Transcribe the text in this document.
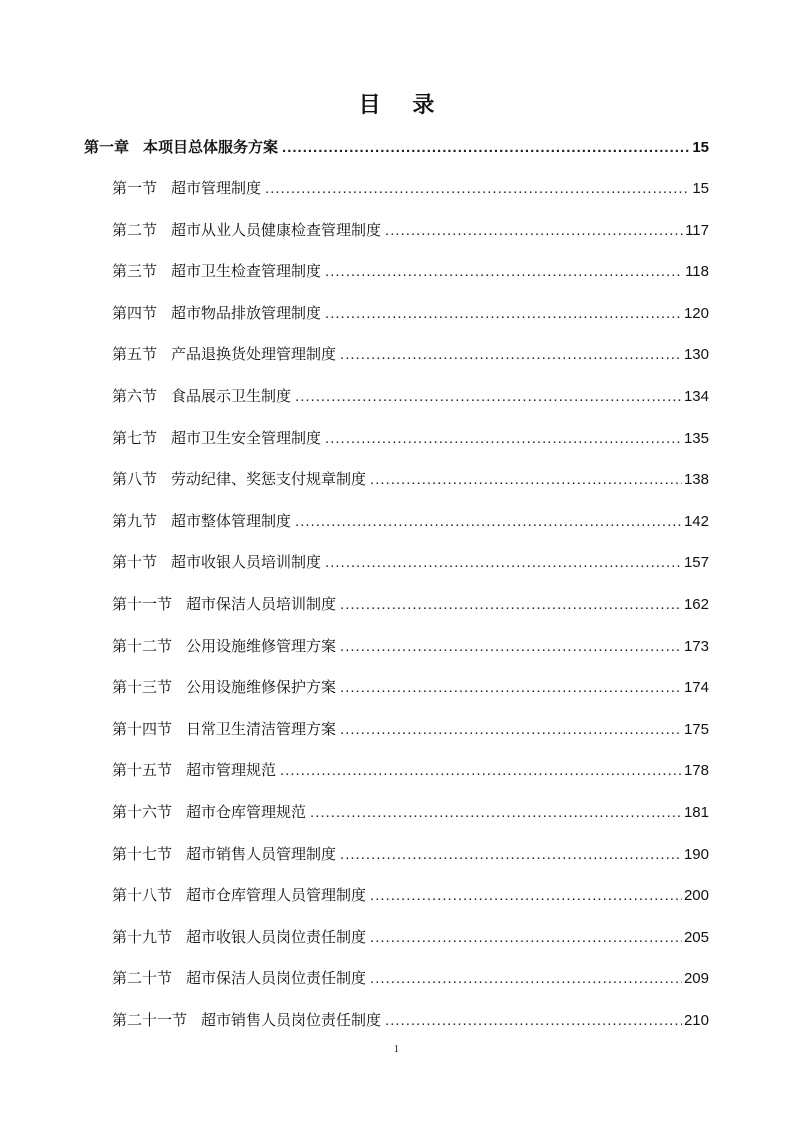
目 录
第一章 本项目总体服务方案 .....	15
第一节 超市管理制度 .....	15
第二节 超市从业人员健康检查管理制度 .....	117
第三节 超市卫生检查管理制度 .....	118
第四节 超市物品排放管理制度 .....	120
第五节 产品退换货处理管理制度 .....	130
第六节 食品展示卫生制度 .....	134
第七节 超市卫生安全管理制度 .....	135
第八节 劳动纪律、奖惩支付规章制度 .....	138
第九节 超市整体管理制度 .....	142
第十节 超市收银人员培训制度 .....	157
第十一节 超市保洁人员培训制度 .....	162
第十二节 公用设施维修管理方案 .....	173
第十三节 公用设施维修保护方案 .....	174
第十四节 日常卫生清洁管理方案 .....	175
第十五节 超市管理规范 .....	178
第十六节 超市仓库管理规范 .....	181
第十七节 超市销售人员管理制度 .....	190
第十八节 超市仓库管理人员管理制度 .....	200
第十九节 超市收银人员岗位责任制度 .....	205
第二十节 超市保洁人员岗位责任制度 .....	209
第二十一节 超市销售人员岗位责任制度 .....	210
1
